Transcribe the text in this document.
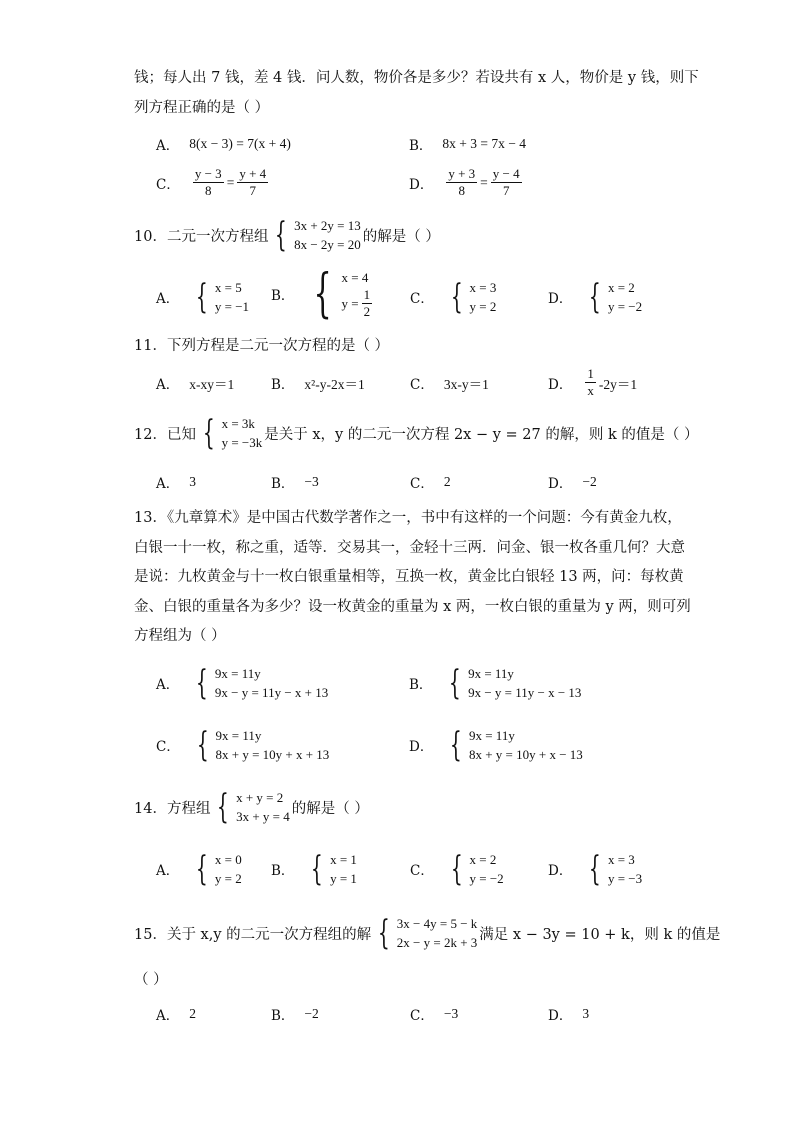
钱；每人出 7 钱，差 4 钱．问人数，物价各是多少？若设共有 x 人，物价是 y 钱，则下
列方程正确的是（ ）
A． 8(x − 3) = 7(x + 4)	B． 8x + 3 = 7x − 4
C． $\frac{y - 3}{8} = \frac{y + 4}{7}$	D． $\frac{y + 3}{8} = \frac{y - 4}{7}$
10．二元一次方程组 { 3x + 2y = 13
8x − 2y = 20 的解是（ ）
A． { x = 5
y = −1
B． { x = 4
$y = \frac{1}{2}$	C． { x = 3
y = 2	D． { x = 2
y = −2
11．下列方程是二元一次方程的是（ ）
A． x-xy＝1	B． x²-y-2x＝1	C． 3x-y＝1	D． $\frac{1}{x} -2y=1$
12．已知 { x = 3k
y = −3k 是关于 x，y 的二元一次方程 2x − y = 27 的解，则 k 的值是（ ）
A． 3	B． −3	C． 2	D． −2
13．《九章算术》是中国古代数学著作之一，书中有这样的一个问题：今有黄金九枚，
白银一十一枚，称之重，适等．交易其一，金轻十三两．问金、银一枚各重几何？大意
是说：九枚黄金与十一枚白银重量相等，互换一枚，黄金比白银轻 13 两，问：每枚黄
金、白银的重量各为多少？设一枚黄金的重量为 x 两，一枚白银的重量为 y 两，则可列
方程组为（ ）
A． { 9x = 11y
9x − y = 11y − x + 13	B． { 9x = 11y
9x − y = 11y − x − 13
C． { 9x = 11y
8x + y = 10y + x + 13	D． { 9x = 11y
8x + y = 10y + x − 13
14．方程组 { x + y = 2
3x + y = 4 的解是（ ）
A． { x = 0
y = 2 B． { x = 1
y = 1	C． { x = 2
y = −2	D． { x = 3
y = −3
15．关于 x,y 的二元一次方程组的解 { 3x − 4y = 5 − k
2x − y = 2k + 3 满足 x − 3y = 10 + k，则 k 的值是
（ ）
A． 2	B． −2	C． −3	D． 3
